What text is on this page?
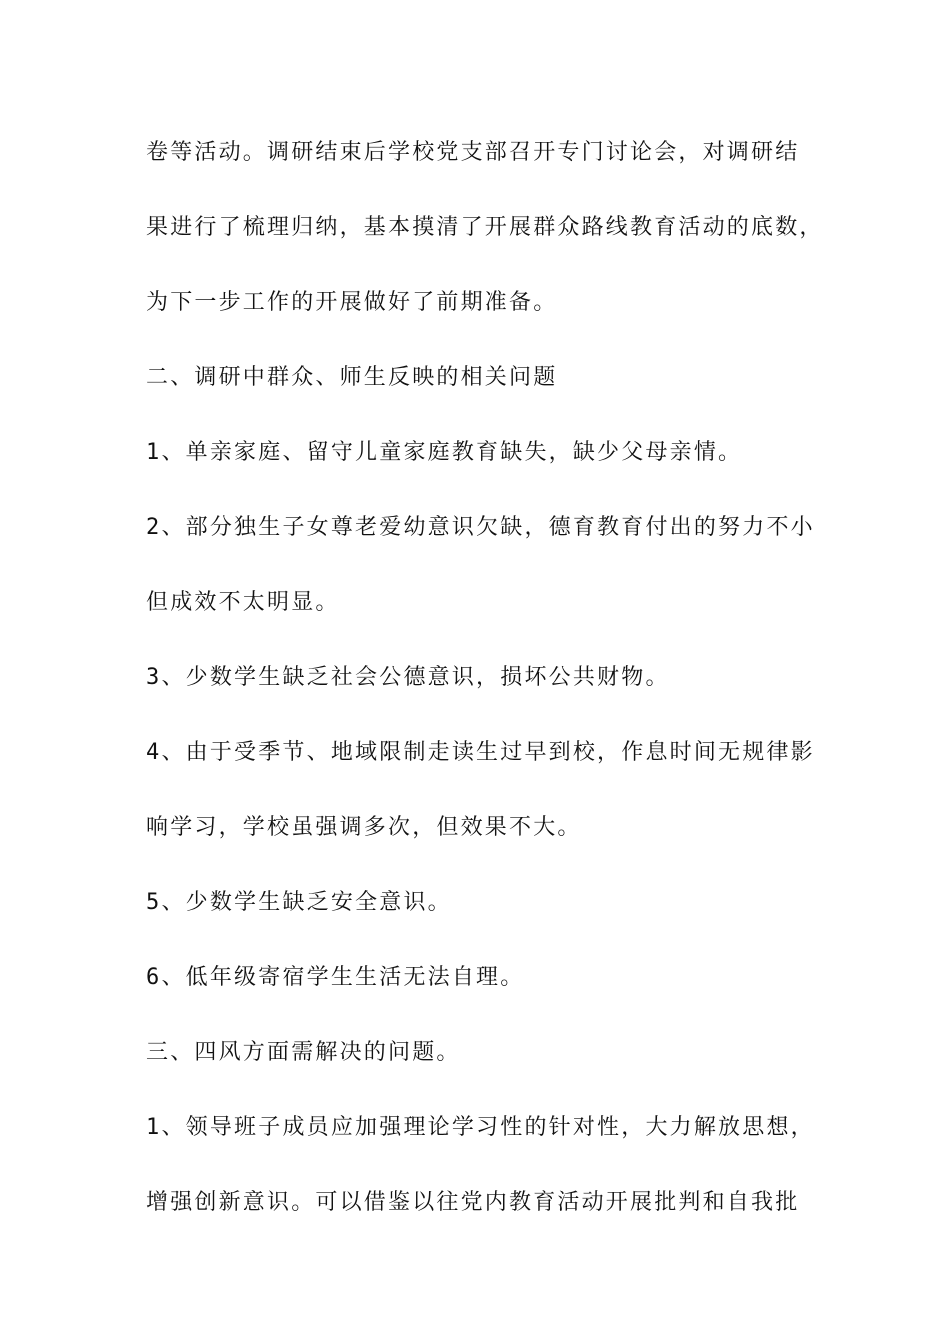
卷等活动。调研结束后学校党支部召开专门讨论会，对调研结
果进行了梳理归纳，基本摸清了开展群众路线教育活动的底数，
为下一步工作的开展做好了前期准备。
二、调研中群众、师生反映的相关问题
1、单亲家庭、留守儿童家庭教育缺失，缺少父母亲情。
2、部分独生子女尊老爱幼意识欠缺，德育教育付出的努力不小
但成效不太明显。
3、少数学生缺乏社会公德意识，损坏公共财物。
4、由于受季节、地域限制走读生过早到校，作息时间无规律影
响学习，学校虽强调多次，但效果不大。
5、少数学生缺乏安全意识。
6、低年级寄宿学生生活无法自理。
三、四风方面需解决的问题。
1、领导班子成员应加强理论学习性的针对性，大力解放思想，
增强创新意识。可以借鉴以往党内教育活动开展批判和自我批
